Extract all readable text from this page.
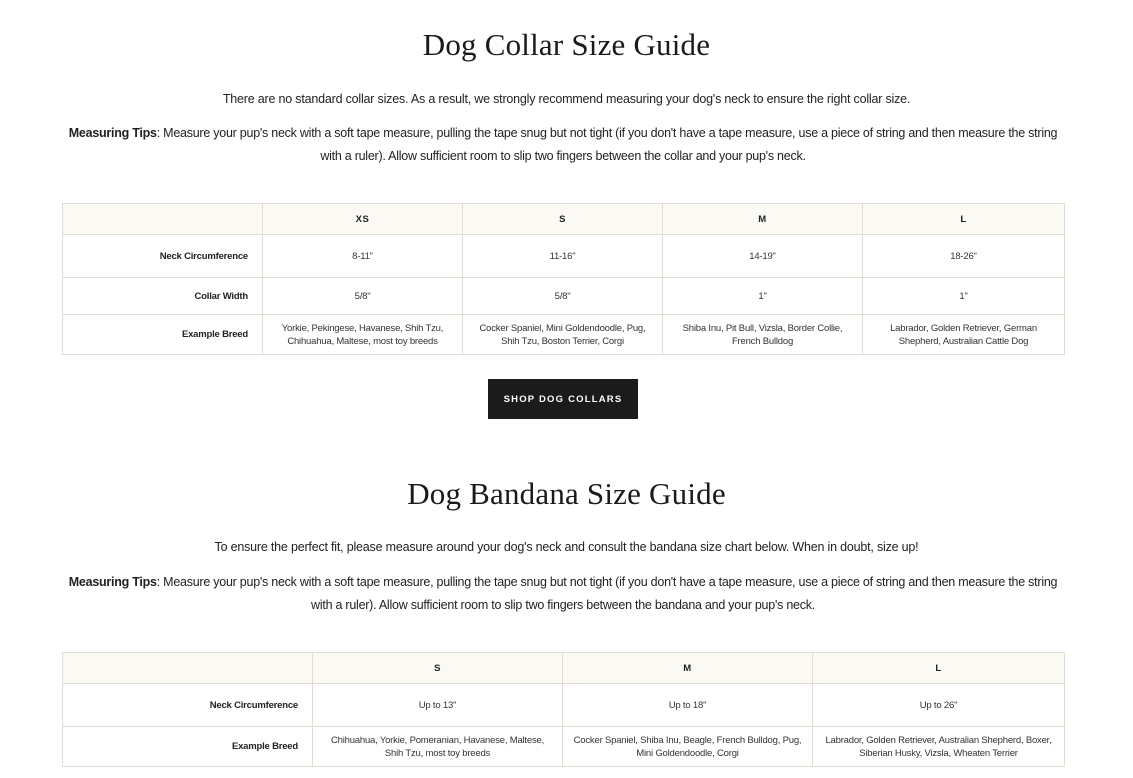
Dog Collar Size Guide

There are no standard collar sizes. As a result, we strongly recommend measuring your dog's neck to ensure the right collar size.

Measuring Tips: Measure your pup's neck with a soft tape measure, pulling the tape snug but not tight (if you don't have a tape measure, use a piece of string and then measure the string with a ruler). Allow sufficient room to slip two fingers between the collar and your pup's neck.

	XS	S	M	L
Neck Circumference	8-11"	11-16"	14-19"	18-26"
Collar Width	5/8"	5/8"	1"	1"
Example Breed	Yorkie, Pekingese, Havanese, Shih Tzu, Chihuahua, Maltese, most toy breeds	Cocker Spaniel, Mini Goldendoodle, Pug, Shih Tzu, Boston Terrier, Corgi	Shiba Inu, Pit Bull, Vizsla, Border Collie, French Bulldog	Labrador, Golden Retriever, German Shepherd, Australian Cattle Dog
SHOP DOG COLLARS
Dog Bandana Size Guide

To ensure the perfect fit, please measure around your dog's neck and consult the bandana size chart below. When in doubt, size up!

Measuring Tips: Measure your pup's neck with a soft tape measure, pulling the tape snug but not tight (if you don't have a tape measure, use a piece of string and then measure the string with a ruler). Allow sufficient room to slip two fingers between the bandana and your pup's neck.

	S	M	L
Neck Circumference	Up to 13"	Up to 18"	Up to 26"
Example Breed	Chihuahua, Yorkie, Pomeranian, Havanese, Maltese, Shih Tzu, most toy breeds	Cocker Spaniel, Shiba Inu, Beagle, French Bulldog, Pug, Mini Goldendoodle, Corgi	Labrador, Golden Retriever, Australian Shepherd, Boxer, Siberian Husky, Vizsla, Wheaten Terrier
